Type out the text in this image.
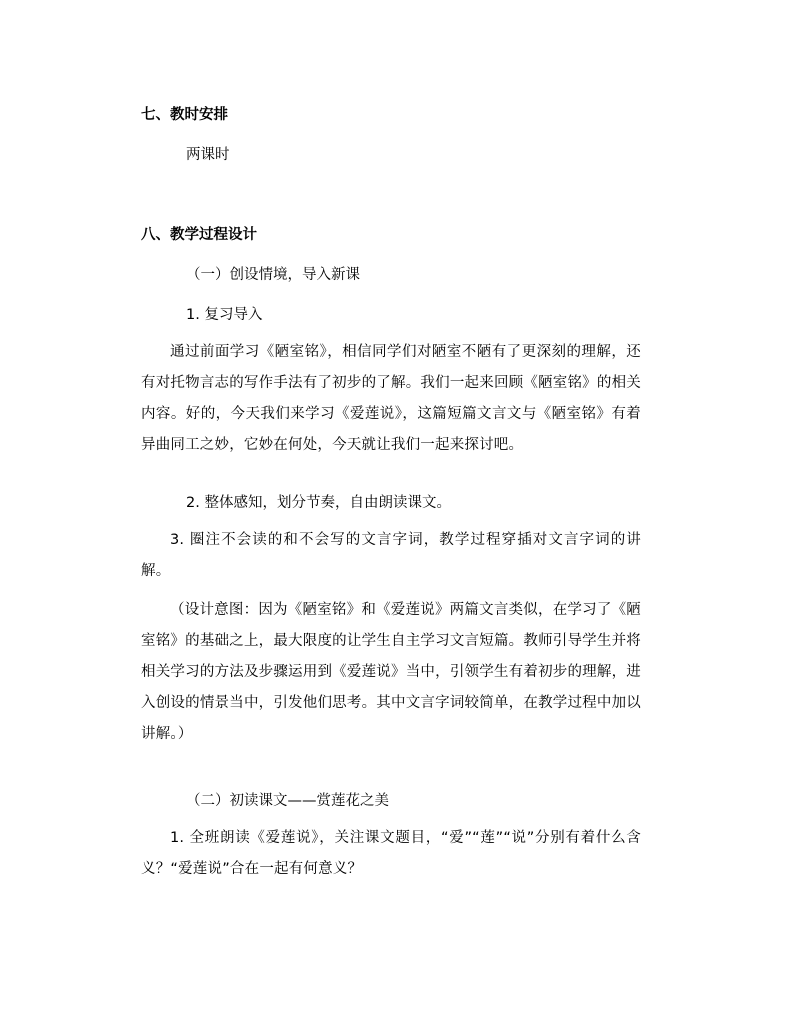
七、教时安排

两课时

八、教学过程设计

（一）创设情境，导入新课

1. 复习导入

通过前面学习《陋室铭》，相信同学们对陋室不陋有了更深刻的理解，还有对托物言志的写作手法有了初步的了解。我们一起来回顾《陋室铭》的相关内容。好的，今天我们来学习《爱莲说》，这篇短篇文言文与《陋室铭》有着异曲同工之妙，它妙在何处，今天就让我们一起来探讨吧。

2. 整体感知，划分节奏，自由朗读课文。

3. 圈注不会读的和不会写的文言字词，教学过程穿插对文言字词的讲解。

（设计意图：因为《陋室铭》和《爱莲说》两篇文言类似，在学习了《陋室铭》的基础之上，最大限度的让学生自主学习文言短篇。教师引导学生并将相关学习的方法及步骤运用到《爱莲说》当中，引领学生有着初步的理解，进入创设的情景当中，引发他们思考。其中文言字词较简单，在教学过程中加以讲解。）

（二）初读课文——赏莲花之美

1. 全班朗读《爱莲说》，关注课文题目，“爱”“莲”“说”分别有着什么含义？“爱莲说”合在一起有何意义？
